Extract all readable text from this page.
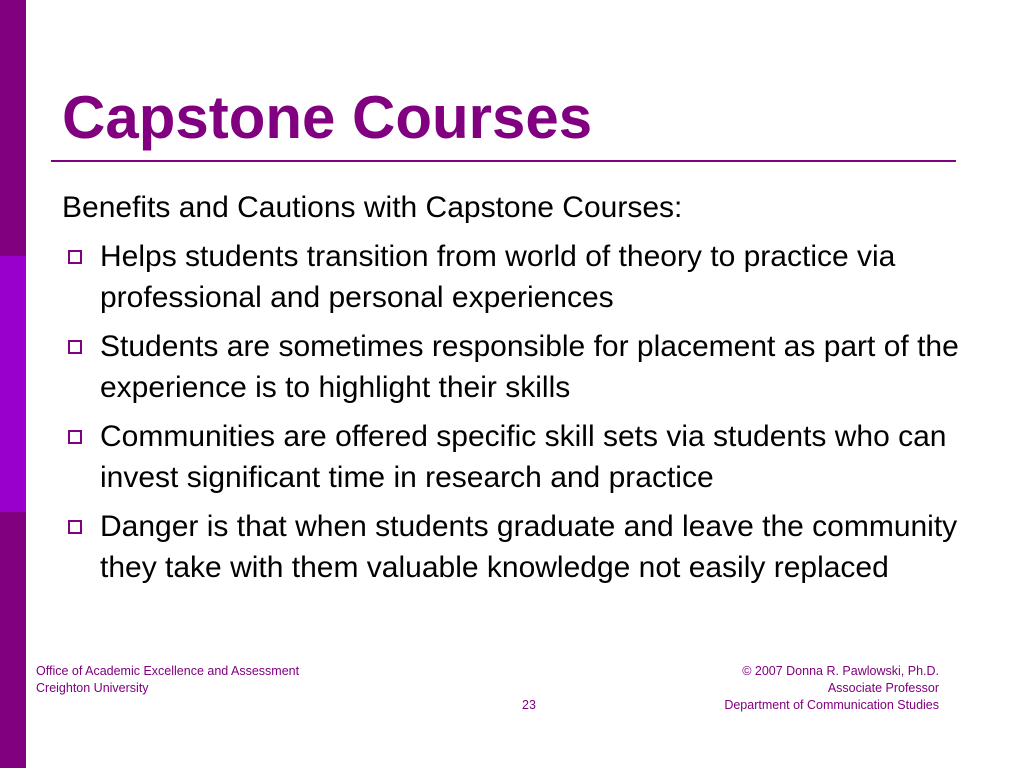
Capstone Courses
Benefits and Cautions with Capstone Courses:
Helps students transition from world of theory to practice via professional and personal experiences
Students are sometimes responsible for placement as part of the experience is to highlight their skills
Communities are offered specific skill sets via students who can invest significant time in research and practice
Danger is that when students graduate and leave the community they take with them valuable knowledge not easily replaced
Office of Academic Excellence and Assessment
Creighton University
23
© 2007 Donna R. Pawlowski, Ph.D.
Associate Professor
Department of Communication Studies
